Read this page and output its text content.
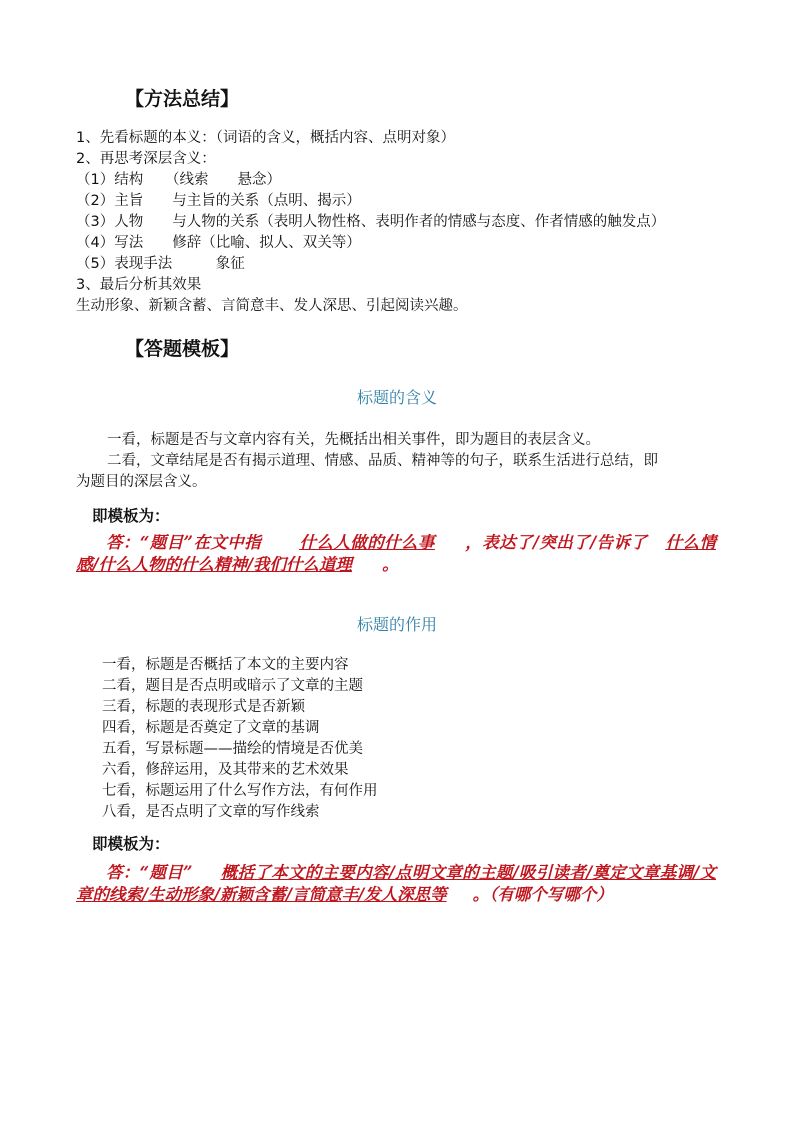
【方法总结】
1、先看标题的本义：（词语的含义，概括内容、点明对象）
2、再思考深层含义：
（1）结构　　（线索　　悬念）
（2）主旨　　与主旨的关系（点明、揭示）
（3）人物　　与人物的关系（表明人物性格、表明作者的情感与态度、作者情感的触发点）
（4）写法　　修辞（比喻、拟人、双关等）
（5）表现手法　　　象征
3、最后分析其效果
生动形象、新颖含蓄、言简意丰、发人深思、引起阅读兴趣。
【答题模板】
标题的含义
一看，标题是否与文章内容有关，先概括出相关事件，即为题目的表层含义。
二看，文章结尾是否有揭示道理、情感、品质、精神等的句子，联系生活进行总结，即
为题目的深层含义。
即模板为：
答：“题目”在文中指 什么人做的什么事 ，表达了/突出了/告诉了 什么情感/什么人物的什么精神/我们什么道理 。
标题的作用
一看，标题是否概括了本文的主要内容
二看，题目是否点明或暗示了文章的主题
三看，标题的表现形式是否新颖
四看，标题是否奠定了文章的基调
五看，写景标题——描绘的情境是否优美
六看，修辞运用，及其带来的艺术效果
七看，标题运用了什么写作方法，有何作用
八看，是否点明了文章的写作线索
即模板为：
答：“题目” 概括了本文的主要内容/点明文章的主题/吸引读者/奠定文章基调/文章的线索/生动形象/新颖含蓄/言简意丰/发人深思等 。（有哪个写哪个）
